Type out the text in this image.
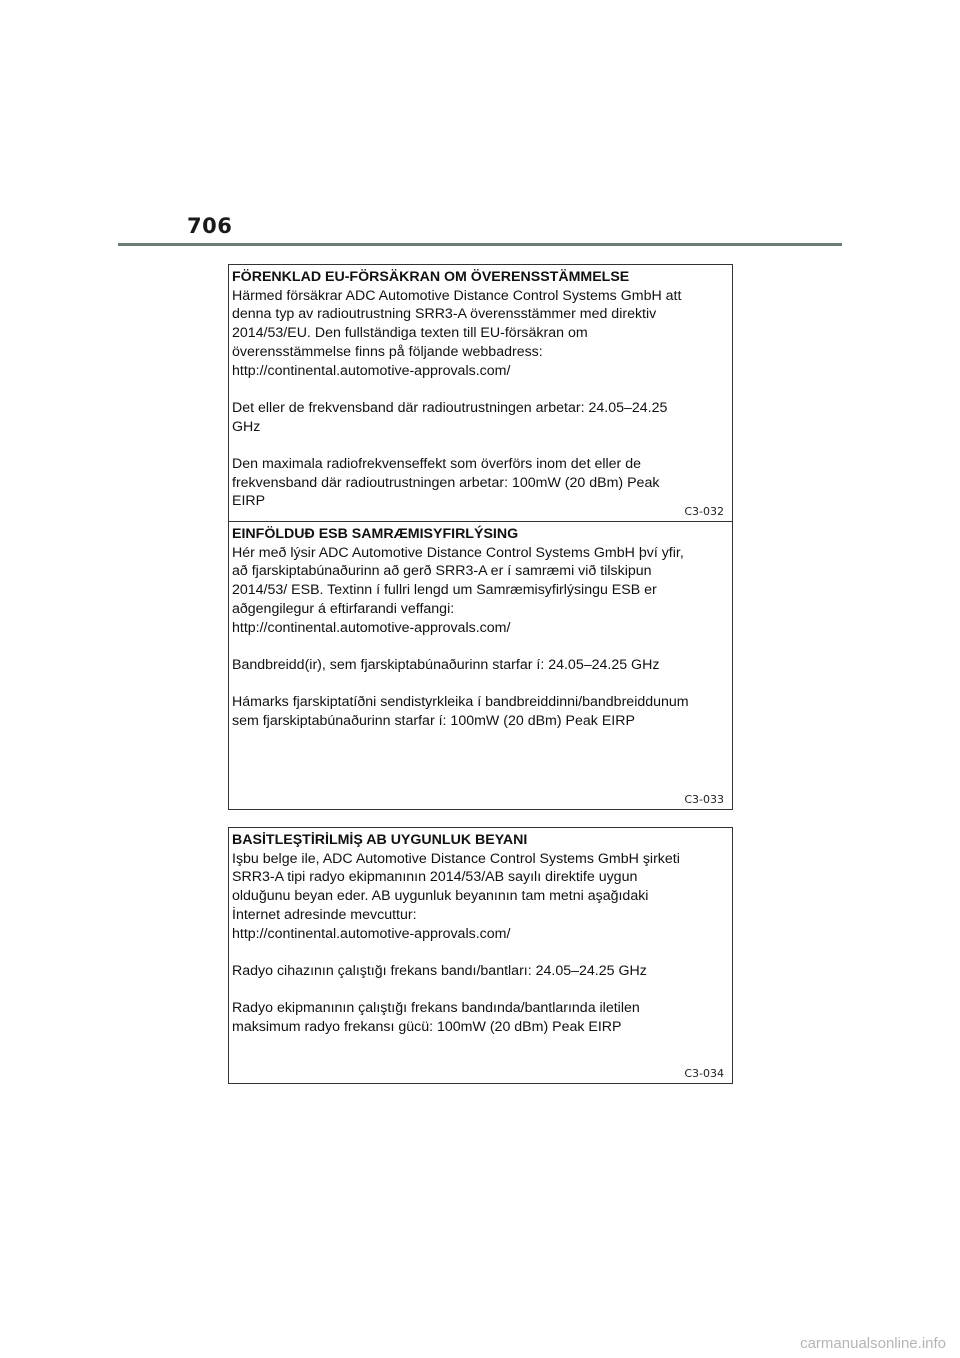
706
FÖRENKLAD EU-FÖRSÄKRAN OM ÖVERENSSTÄMMELSE
Härmed försäkrar ADC Automotive Distance Control Systems GmbH att
denna typ av radioutrustning SRR3-A överensstämmer med direktiv
2014/53/EU. Den fullständiga texten till EU-försäkran om
överensstämmelse finns på följande webbadress:
http://continental.automotive-approvals.com/
Det eller de frekvensband där radioutrustningen arbetar: 24.05–24.25
GHz
Den maximala radiofrekvenseffekt som överförs inom det eller de
frekvensband där radioutrustningen arbetar: 100mW (20 dBm) Peak
EIRP
C3-032
EINFÖLDUÐ ESB SAMRÆMISYFIRLÝSING
Hér með lýsir ADC Automotive Distance Control Systems GmbH því yfir,
að fjarskiptabúnaðurinn að gerð SRR3-A er í samræmi við tilskipun
2014/53/ ESB. Textinn í fullri lengd um Samræmisyfirlýsingu ESB er
aðgengilegur á eftirfarandi veffangi:
http://continental.automotive-approvals.com/
Bandbreidd(ir), sem fjarskiptabúnaðurinn starfar í: 24.05–24.25 GHz
Hámarks fjarskiptatíðni sendistyrkleika í bandbreiddinni/bandbreiddunum
sem fjarskiptabúnaðurinn starfar í: 100mW (20 dBm) Peak EIRP
C3-033
BASİTLEŞTİRİLMİŞ AB UYGUNLUK BEYANI
Işbu belge ile, ADC Automotive Distance Control Systems GmbH şirketi
SRR3-A tipi radyo ekipmanının 2014/53/AB sayılı direktife uygun
olduğunu beyan eder. AB uygunluk beyanının tam metni aşağıdaki
İnternet adresinde mevcuttur:
http://continental.automotive-approvals.com/
Radyo cihazının çalıştığı frekans bandı/bantları: 24.05–24.25 GHz
Radyo ekipmanının çalıştığı frekans bandında/bantlarında iletilen
maksimum radyo frekansı gücü: 100mW (20 dBm) Peak EIRP
C3-034
carmanualsonline.info
